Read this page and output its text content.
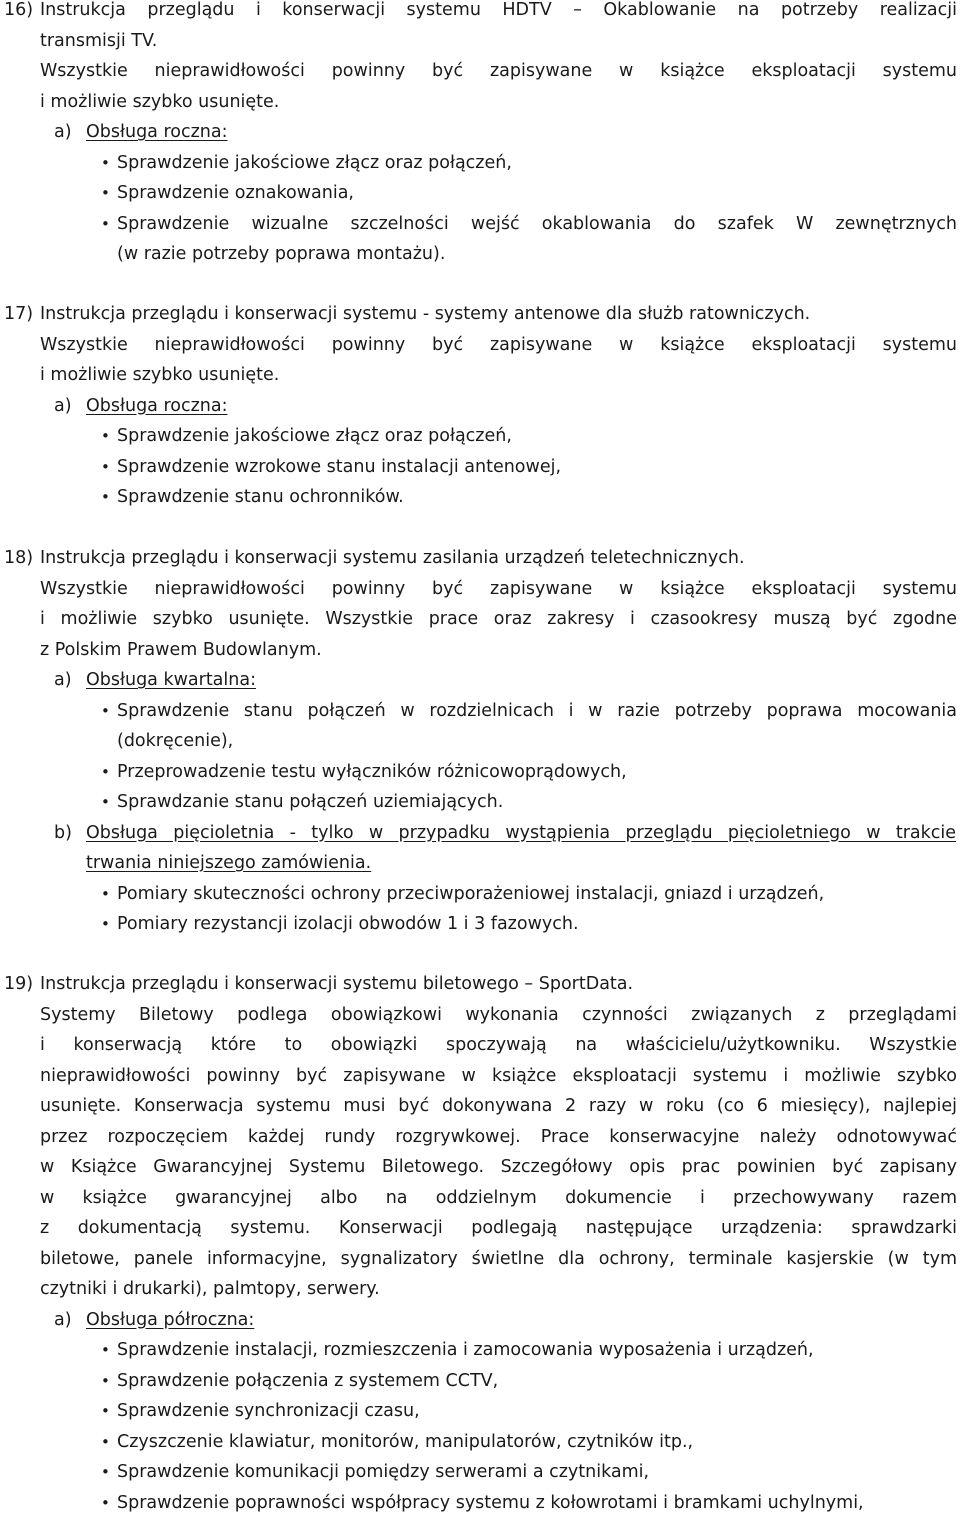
16) Instrukcja przeglądu i konserwacji systemu HDTV – Okablowanie na potrzeby realizacji
transmisji TV.
Wszystkie nieprawidłowości powinny być zapisywane w książce eksploatacji systemu
i możliwie szybko usunięte.
a) Obsługa roczna:
• Sprawdzenie jakościowe złącz oraz połączeń,
• Sprawdzenie oznakowania,
• Sprawdzenie wizualne szczelności wejść okablowania do szafek W zewnętrznych
(w razie potrzeby poprawa montażu).
17) Instrukcja przeglądu i konserwacji systemu - systemy antenowe dla służb ratowniczych.
Wszystkie nieprawidłowości powinny być zapisywane w książce eksploatacji systemu
i możliwie szybko usunięte.
a) Obsługa roczna:
• Sprawdzenie jakościowe złącz oraz połączeń,
• Sprawdzenie wzrokowe stanu instalacji antenowej,
• Sprawdzenie stanu ochronników.
18) Instrukcja przeglądu i konserwacji systemu zasilania urządzeń teletechnicznych.
Wszystkie nieprawidłowości powinny być zapisywane w książce eksploatacji systemu
i możliwie szybko usunięte. Wszystkie prace oraz zakresy i czasookresy muszą być zgodne
z Polskim Prawem Budowlanym.
a) Obsługa kwartalna:
• Sprawdzenie stanu połączeń w rozdzielnicach i w razie potrzeby poprawa mocowania
(dokręcenie),
• Przeprowadzenie testu wyłączników różnicowoprądowych,
• Sprawdzanie stanu połączeń uziemiających.
b) Obsługa pięcioletnia - tylko w przypadku wystąpienia przeglądu pięcioletniego w trakcie
trwania niniejszego zamówienia.
• Pomiary skuteczności ochrony przeciwporażeniowej instalacji, gniazd i urządzeń,
• Pomiary rezystancji izolacji obwodów 1 i 3 fazowych.
19) Instrukcja przeglądu i konserwacji systemu biletowego – SportData.
Systemy Biletowy podlega obowiązkowi wykonania czynności związanych z przeglądami
i konserwacją które to obowiązki spoczywają na właścicielu/użytkowniku. Wszystkie
nieprawidłowości powinny być zapisywane w książce eksploatacji systemu i możliwie szybko
usunięte. Konserwacja systemu musi być dokonywana 2 razy w roku (co 6 miesięcy), najlepiej
przez rozpoczęciem każdej rundy rozgrywkowej. Prace konserwacyjne należy odnotowywać
w Książce Gwarancyjnej Systemu Biletowego. Szczegółowy opis prac powinien być zapisany
w książce gwarancyjnej albo na oddzielnym dokumencie i przechowywany razem
z dokumentacją systemu. Konserwacji podlegają następujące urządzenia: sprawdzarki
biletowe, panele informacyjne, sygnalizatory świetlne dla ochrony, terminale kasjerskie (w tym
czytniki i drukarki), palmtopy, serwery.
a) Obsługa półroczna:
• Sprawdzenie instalacji, rozmieszczenia i zamocowania wyposażenia i urządzeń,
• Sprawdzenie połączenia z systemem CCTV,
• Sprawdzenie synchronizacji czasu,
• Czyszczenie klawiatur, monitorów, manipulatorów, czytników itp.,
• Sprawdzenie komunikacji pomiędzy serwerami a czytnikami,
• Sprawdzenie poprawności współpracy systemu z kołowrotami i bramkami uchylnymi,
